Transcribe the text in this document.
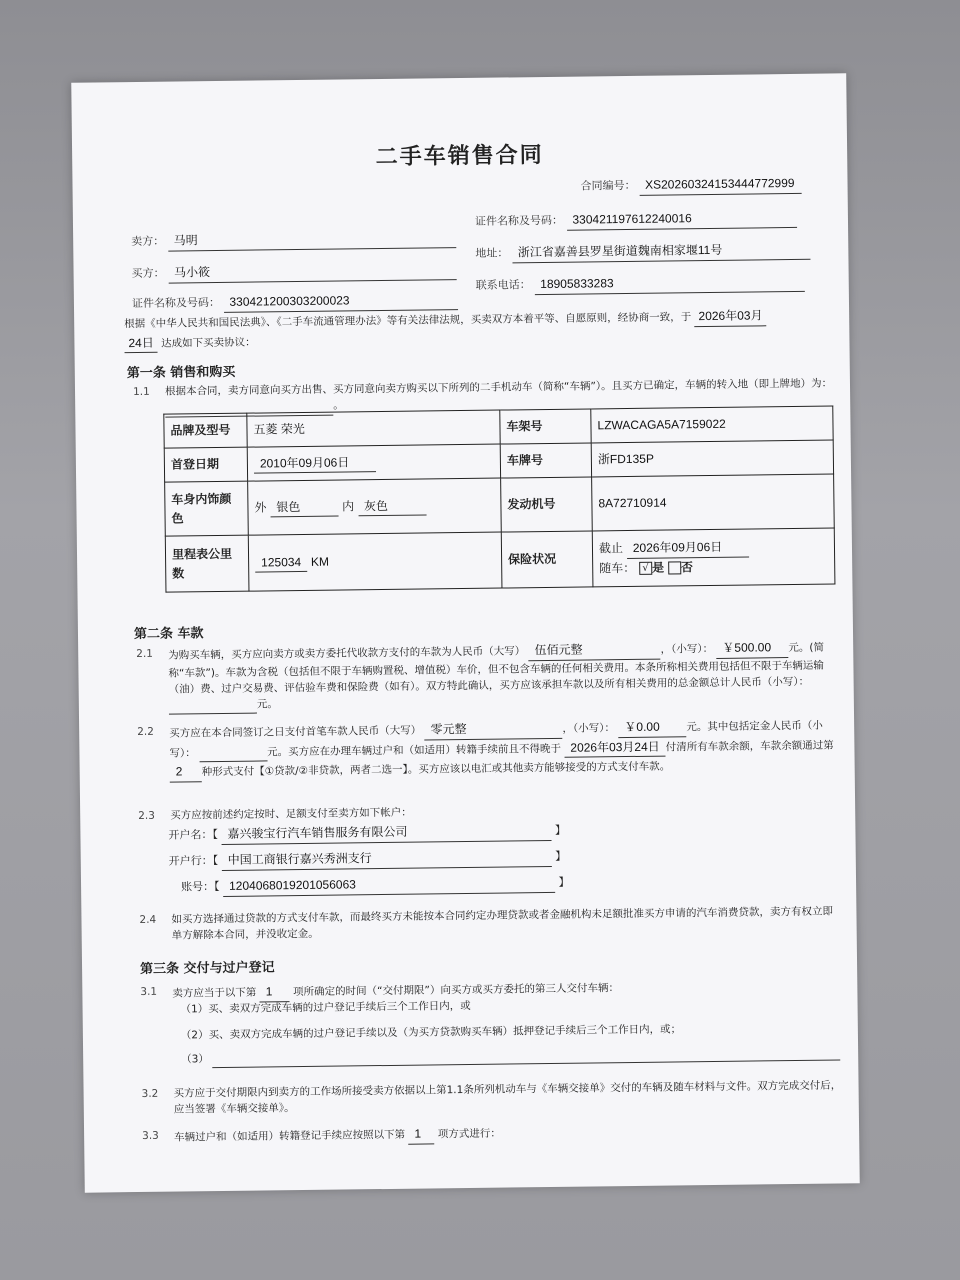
二手车销售合同
合同编号： XS20260324153444772999
卖方： 马明
证件名称及号码： 330421197612240016
买方： 马小筱
地址： 浙江省嘉善县罗星街道魏南相家堰11号
证件名称及号码： 330421200303200023
联系电话： 18905833283
根据《中华人民共和国民法典》、《二手车流通管理办法》等有关法律法规，买卖双方本着平等、自愿原则，经协商一致，于 2026年03月
24日 达成如下买卖协议：
第一条 销售和购买
1.1	根据本合同，卖方同意向买方出售、买方同意向卖方购买以下所列的二手机动车（简称“车辆”）。且买方已确定，车辆的转入地（即上牌地）为：  。
品牌及型号	五菱 荣光	车架号	LZWACAGA5A7159022
首登日期	2010年09月06日	车牌号	浙FD135P
车身内饰颜色	外 银色 内 灰色	发动机号	8A72710914
里程表公里数	125034 KM	保险状况	截止 2026年09月06日
随车： √ 是 否
第二条 车款
2.1	为购买车辆，买方应向卖方或卖方委托代收款方支付的车款为人民币（大写） 伍佰元整	，（小写）： ￥500.00 元。(简称“车款”)。车款为含税（包括但不限于车辆购置税、增值税）车价，但不包含车辆的任何相关费用。本条所称相关费用包括但不限于车辆运输（油）费、过户交易费、评估验车费和保险费（如有）。双方特此确认，买方应该承担车款以及所有相关费用的总金额总计人民币（小写）：  元。
2.2	买方应在本合同签订之日支付首笔车款人民币（大写） 零元整	，（小写）： ￥0.00	元。其中包括定金人民币（小写）：	元。买方应在办理车辆过户和（如适用）转籍手续前且不得晚于 2026年03月24日 付清所有车款余额，车款余额通过第 2 种形式支付【①贷款/②非贷款，两者二选一】。买方应该以电汇或其他卖方能够接受的方式支付车款。
2.3	买方应按前述约定按时、足额支付至卖方如下帐户：
开户名：【 嘉兴骏宝行汽车销售服务有限公司	】
开户行：【 中国工商银行嘉兴秀洲支行	】
账号：【 1204068019201056063	】
2.4	如买方选择通过贷款的方式支付车款，而最终买方未能按本合同约定办理贷款或者金融机构未足额批准买方申请的汽车消费贷款，卖方有权立即单方解除本合同，并没收定金。
第三条 交付与过户登记
3.1	卖方应当于以下第 1 项所确定的时间（“交付期限”）向买方或买方委托的第三人交付车辆：
（1）买、卖双方完成车辆的过户登记手续后三个工作日内，或
（2）买、卖双方完成车辆的过户登记手续以及（为买方贷款购买车辆）抵押登记手续后三个工作日内，或；
（3）
3.2	买方应于交付期限内到卖方的工作场所接受卖方依据以上第1.1条所列机动车与《车辆交接单》交付的车辆及随车材料与文件。双方完成交付后，应当签署《车辆交接单》。
3.3	车辆过户和（如适用）转籍登记手续应按照以下第 1 项方式进行：
